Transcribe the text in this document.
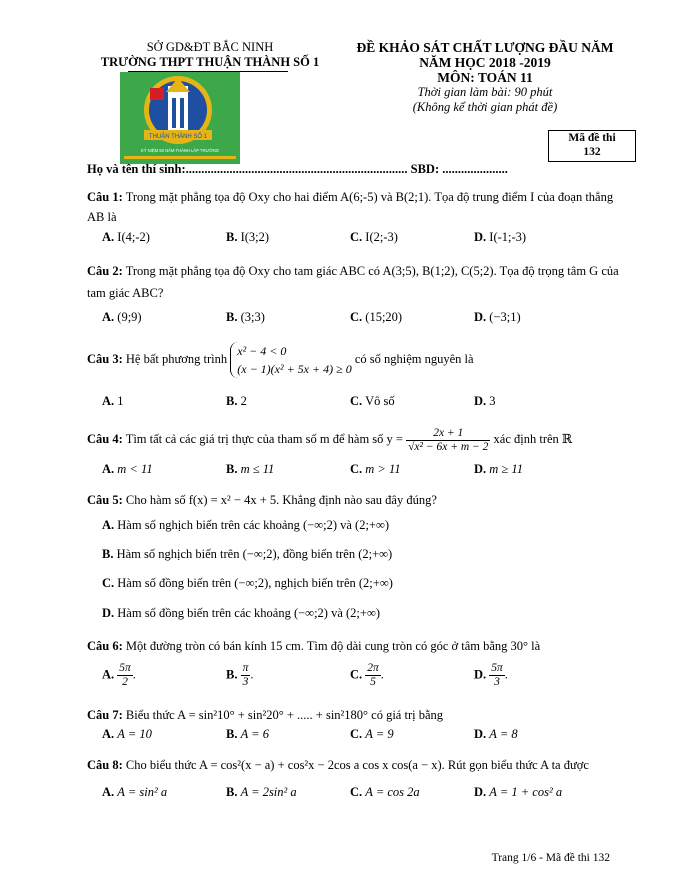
SỞ GD&ĐT BẮC NINH
TRƯỜNG THPT THUẬN THÀNH SỐ 1
ĐỀ KHẢO SÁT CHẤT LƯỢNG ĐẦU NĂM
NĂM HỌC 2018 -2019
MÔN: TOÁN 11
Thời gian làm bài: 90 phút
(Không kể thời gian phát đề)
THUẬN THÀNH SỐ 1
KỶ NIỆM 50 NĂM THÀNH LẬP TRƯỜNG
Mã đề thi
132
Họ và tên thí sinh:....................................................................... SBD: .....................
Câu 1: Trong mặt phẳng tọa độ Oxy cho hai điểm A(6;-5) và B(2;1). Tọa độ trung điểm I của đoạn thẳng AB là
A. I(4;-2)	B. I(3;2)	C. I(2;-3)	D. I(-1;-3)
Câu 2: Trong mặt phẳng tọa độ Oxy cho tam giác ABC có A(3;5), B(1;2), C(5;2). Tọa độ trọng tâm G của tam giác ABC?
A. (9;9)	B. (3;3)	C. (15;20)	D. (−3;1)
Câu 3: Hệ bất phương trình
x² − 4 < 0
(x − 1)(x² + 5x + 4) ≥ 0
có số nghiệm nguyên là
A. 1	B. 2	C. Vô số	D. 3
Câu 4: Tìm tất cả các giá trị thực của tham số m để hàm số $y = \frac{2x + 1}{\text{√x² − 6x + m − 2}}$ xác định trên ℝ
A. m < 11	B. m ≤ 11	C. m > 11	D. m ≥ 11
Câu 5: Cho hàm số f(x) = x² − 4x + 5. Khẳng định nào sau đây đúng?
A. Hàm số nghịch biến trên các khoảng (−∞;2) và (2;+∞)
B. Hàm số nghịch biến trên (−∞;2), đồng biến trên (2;+∞)
C. Hàm số đồng biến trên (−∞;2), nghịch biến trên (2;+∞)
D. Hàm số đồng biến trên các khoảng (−∞;2) và (2;+∞)
Câu 6: Một đường tròn có bán kính 15 cm. Tìm độ dài cung tròn có góc ở tâm bằng 30° là
A. $\frac{5\pi}{2}$ .	B. $\frac{\pi}{3}$ .	C. $\frac{2\pi}{5}$ .	D. $\frac{5\pi}{3}$ .
Câu 7: Biểu thức A = sin²10° + sin²20° + ..... + sin²180° có giá trị bằng
A. A = 10	B. A = 6	C. A = 9	D. A = 8
Câu 8: Cho biểu thức A = cos²(x − a) + cos²x − 2cos a cos x cos(a − x). Rút gọn biểu thức A ta được
A. A = sin² a	B. A = 2sin² a	C. A = cos 2a	D. A = 1 + cos² a
Trang 1/6 - Mã đề thi 132
